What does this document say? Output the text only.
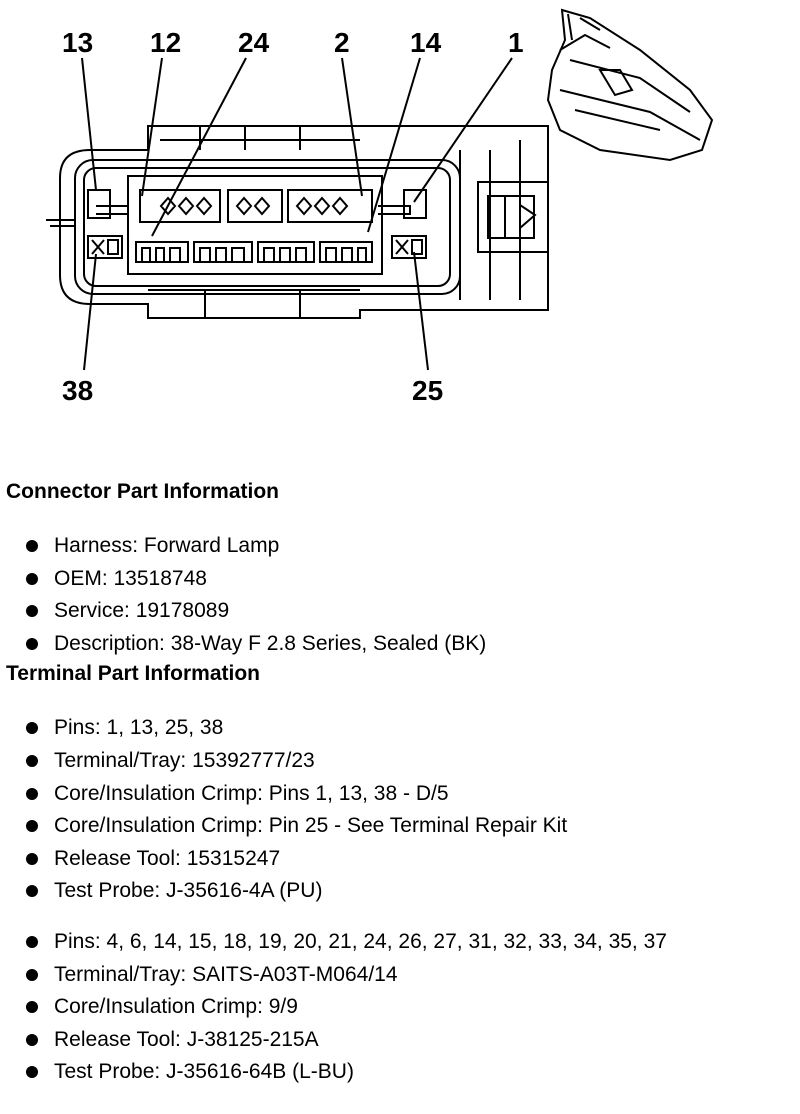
13 12 24 2 14 1
38	25
Connector Part Information
Harness: Forward Lamp
OEM: 13518748
Service: 19178089
Description: 38-Way F 2.8 Series, Sealed (BK)
Terminal Part Information
Pins: 1, 13, 25, 38
Terminal/Tray: 15392777/23
Core/Insulation Crimp: Pins 1, 13, 38 - D/5
Core/Insulation Crimp: Pin 25 - See Terminal Repair Kit
Release Tool: 15315247
Test Probe: J-35616-4A (PU)
Pins: 4, 6, 14, 15, 18, 19, 20, 21, 24, 26, 27, 31, 32, 33, 34, 35, 37
Terminal/Tray: SAITS-A03T-M064/14
Core/Insulation Crimp: 9/9
Release Tool: J-38125-215A
Test Probe: J-35616-64B (L-BU)
